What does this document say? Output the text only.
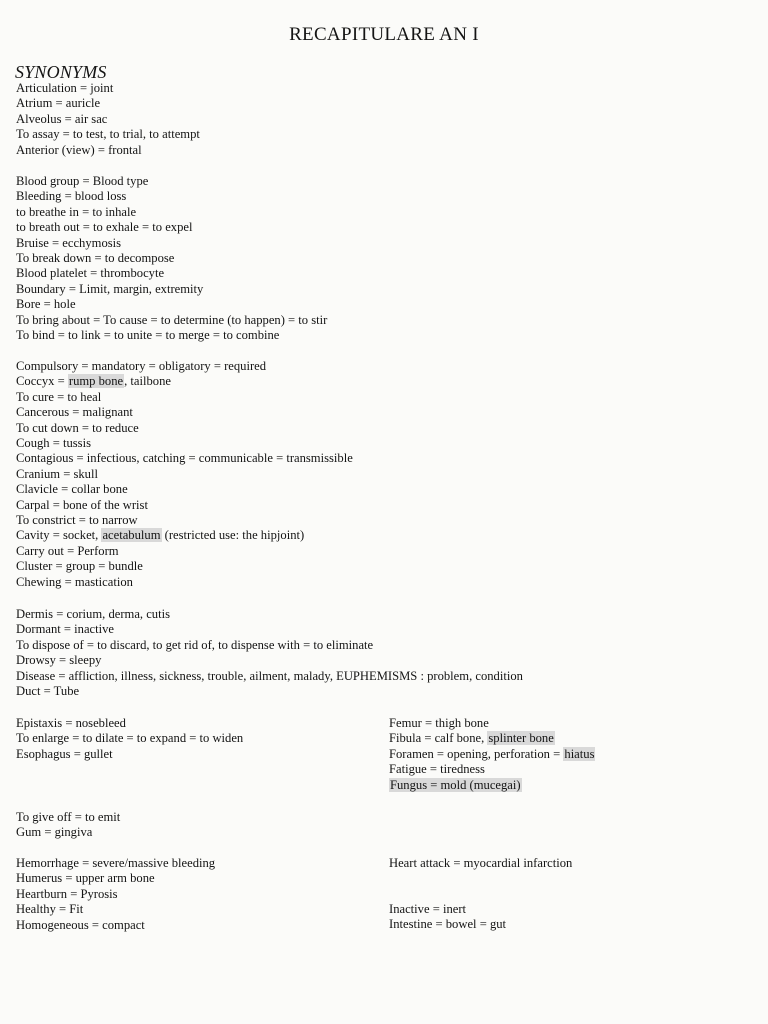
RECAPITULARE AN I
SYNONYMS
Articulation = joint
Atrium = auricle
Alveolus = air sac
To assay = to test, to trial, to attempt
Anterior (view) = frontal
Blood group = Blood type
Bleeding = blood loss
to breathe in = to inhale
to breath out = to exhale = to expel
Bruise = ecchymosis
To break down = to decompose
Blood platelet = thrombocyte
Boundary = Limit, margin, extremity
Bore = hole
To bring about = To cause = to determine (to happen) = to stir
To bind = to link = to unite = to merge = to combine
Compulsory = mandatory = obligatory = required
Coccyx = rump bone, tailbone
To cure = to heal
Cancerous = malignant
To cut down = to reduce
Cough = tussis
Contagious = infectious, catching = communicable = transmissible
Cranium = skull
Clavicle = collar bone
Carpal = bone of the wrist
To constrict = to narrow
Cavity = socket, acetabulum (restricted use: the hipjoint)
Carry out = Perform
Cluster = group = bundle
Chewing = mastication
Dermis = corium, derma, cutis
Dormant = inactive
To dispose of = to discard, to get rid of, to dispense with = to eliminate
Drowsy = sleepy
Disease = affliction, illness, sickness, trouble, ailment, malady, EUPHEMISMS : problem, condition
Duct = Tube
Epistaxis = nosebleed
To enlarge = to dilate = to expand = to widen
Esophagus = gullet
Femur = thigh bone
Fibula = calf bone, splinter bone
Foramen = opening, perforation = hiatus
Fatigue = tiredness
Fungus = mold (mucegai)
To give off = to emit
Gum = gingiva
Hemorrhage = severe/massive bleeding
Humerus = upper arm bone
Heartburn = Pyrosis
Healthy = Fit
Homogeneous = compact
Heart attack = myocardial infarction
Inactive = inert
Intestine = bowel = gut
